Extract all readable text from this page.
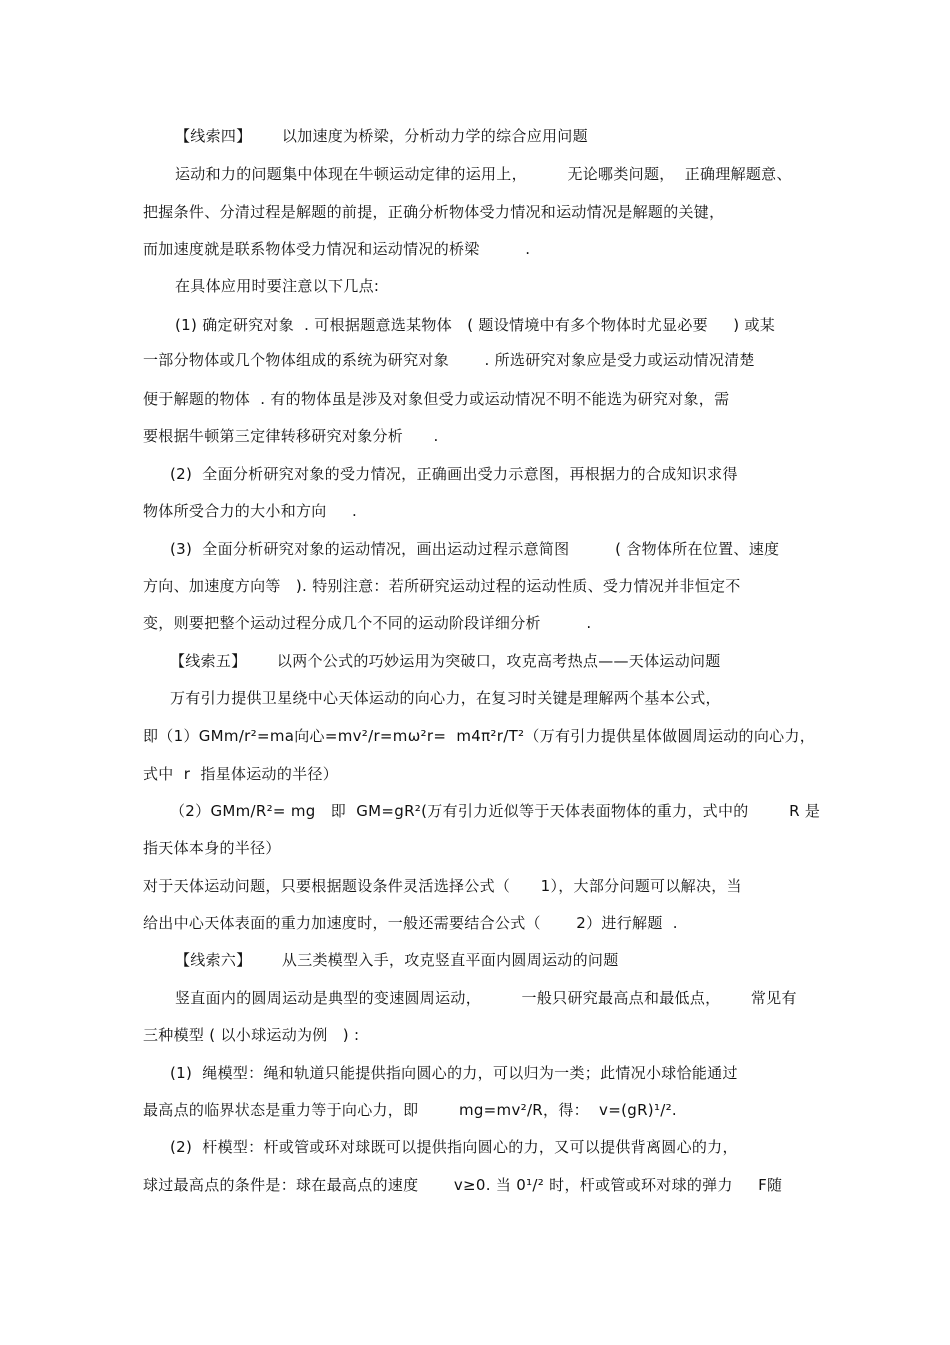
【线索四】      以加速度为桥梁，分析动力学的综合应用问题
运动和力的问题集中体现在牛顿运动定律的运用上，        无论哪类问题，  正确理解题意、
把握条件、分清过程是解题的前提，正确分析物体受力情况和运动情况是解题的关键，
而加速度就是联系物体受力情况和运动情况的桥梁         .
在具体应用时要注意以下几点:
(1) 确定研究对象  . 可根据题意选某物体   ( 题设情境中有多个物体时尤显必要     ) 或某
一部分物体或几个物体组成的系统为研究对象       . 所选研究对象应是受力或运动情况清楚
便于解题的物体  . 有的物体虽是涉及对象但受力或运动情况不明不能选为研究对象，需
要根据牛顿第三定律转移研究对象分析      .
(2)  全面分析研究对象的受力情况，正确画出受力示意图，再根据力的合成知识求得
物体所受合力的大小和方向     .
(3)  全面分析研究对象的运动情况，画出运动过程示意简图         ( 含物体所在位置、速度
方向、加速度方向等   ). 特别注意：若所研究运动过程的运动性质、受力情况并非恒定不
变，则要把整个运动过程分成几个不同的运动阶段详细分析         .
【线索五】      以两个公式的巧妙运用为突破口，攻克高考热点——天体运动问题
万有引力提供卫星绕中心天体运动的向心力，在复习时关键是理解两个基本公式，
即（1）GMm/r²=ma向心=mv²/r=mω²r=  m4π²r/T²（万有引力提供星体做圆周运动的向心力，
式中  r  指星体运动的半径）
（2）GMm/R²= mg   即  GM=gR²(万有引力近似等于天体表面物体的重力，式中的        R 是
指天体本身的半径）
对于天体运动问题，只要根据题设条件灵活选择公式（      1），大部分问题可以解决，当
给出中心天体表面的重力加速度时，一般还需要结合公式（       2）进行解题  .
【线索六】      从三类模型入手，攻克竖直平面内圆周运动的问题
竖直面内的圆周运动是典型的变速圆周运动，        一般只研究最高点和最低点，      常见有
三种模型 ( 以小球运动为例   ) :
(1)  绳模型：绳和轨道只能提供指向圆心的力，可以归为一类；此情况小球恰能通过
最高点的临界状态是重力等于向心力，即        mg=mv²/R，得：  v=(gR)¹/².
(2)  杆模型：杆或管或环对球既可以提供指向圆心的力，又可以提供背离圆心的力，
球过最高点的条件是：球在最高点的速度       v≥0. 当 0¹/² 时，杆或管或环对球的弹力     F随
